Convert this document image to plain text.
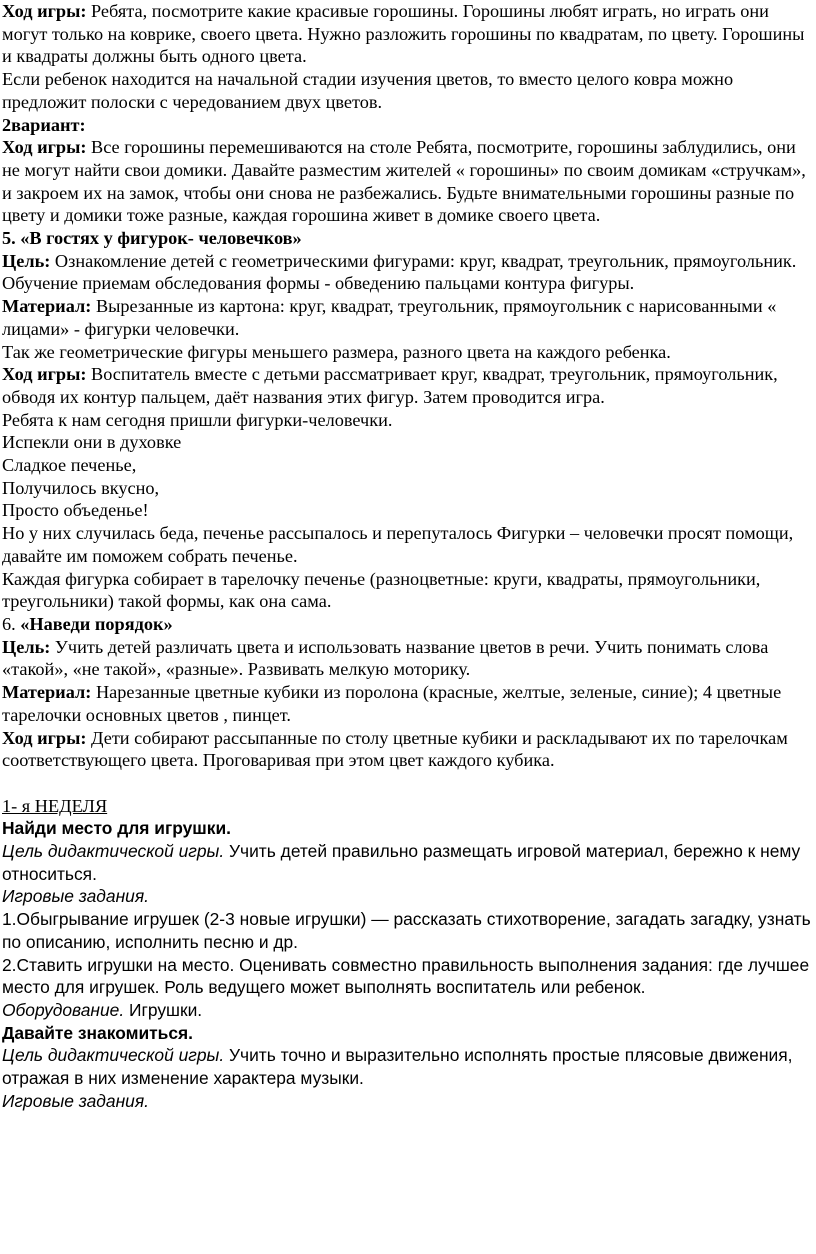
Ход игры: Ребята, посмотрите какие красивые горошины. Горошины любят играть, но играть они могут только на коврике, своего цвета. Нужно разложить горошины по квадратам, по цвету. Горошины и квадраты должны быть одного цвета.

Если ребенок находится на начальной стадии изучения цветов, то вместо целого ковра можно предложит полоски с чередованием двух цветов.

2вариант:

Ход игры: Все горошины перемешиваются на столе Ребята, посмотрите, горошины заблудились, они не могут найти свои домики. Давайте разместим жителей « горошины» по своим домикам «стручкам», и закроем их на замок, чтобы они снова не разбежались. Будьте внимательными горошины разные по цвету и домики тоже разные, каждая горошина живет в домике своего цвета.

5. «В гостях у фигурок- человечков»

Цель: Ознакомление детей с геометрическими фигурами: круг, квадрат, треугольник, прямоугольник. Обучение приемам обследования формы - обведению пальцами контура фигуры.

Материал: Вырезанные из картона: круг, квадрат, треугольник, прямоугольник с нарисованными « лицами» - фигурки человечки.

Так же геометрические фигуры меньшего размера, разного цвета на каждого ребенка.

Ход игры: Воспитатель вместе с детьми рассматривает круг, квадрат, треугольник, прямоугольник, обводя их контур пальцем, даёт названия этих фигур. Затем проводится игра.

Ребята к нам сегодня пришли фигурки-человечки.

Испекли они в духовке

Сладкое печенье,

Получилось вкусно,

Просто объеденье!

Но у них случилась беда, печенье рассыпалось и перепуталось Фигурки – человечки просят помощи, давайте им поможем собрать печенье.

Каждая фигурка собирает в тарелочку печенье (разноцветные: круги, квадраты, прямоугольники, треугольники) такой формы, как она сама.

6. «Наведи порядок»

Цель: Учить детей различать цвета и использовать название цветов в речи. Учить понимать слова «такой», «не такой», «разные». Развивать мелкую моторику.

Материал: Нарезанные цветные кубики из поролона (красные, желтые, зеленые, синие); 4 цветные тарелочки основных цветов , пинцет.

Ход игры: Дети собирают рассыпанные по столу цветные кубики и раскладывают их по тарелочкам соответствующего цвета. Проговаривая при этом цвет каждого кубика.

1- я НЕДЕЛЯ

Найди место для игрушки.

Цель дидактической игры. Учить детей правильно размещать игровой материал, бережно к нему относиться.

Игровые задания.

1.Обыгрывание игрушек (2-3 новые игрушки) — рассказать стихотворение, загадать загадку, узнать по описанию, исполнить песню и др.

2.Ставить игрушки на место. Оценивать совместно правильность выполнения задания: где лучшее место для игрушек. Роль ведущего может выполнять воспитатель или ребенок.

Оборудование. Игрушки.

Давайте знакомиться.

Цель дидактической игры. Учить точно и выразительно исполнять простые плясовые движения, отражая в них изменение характера музыки.

Игровые задания.
